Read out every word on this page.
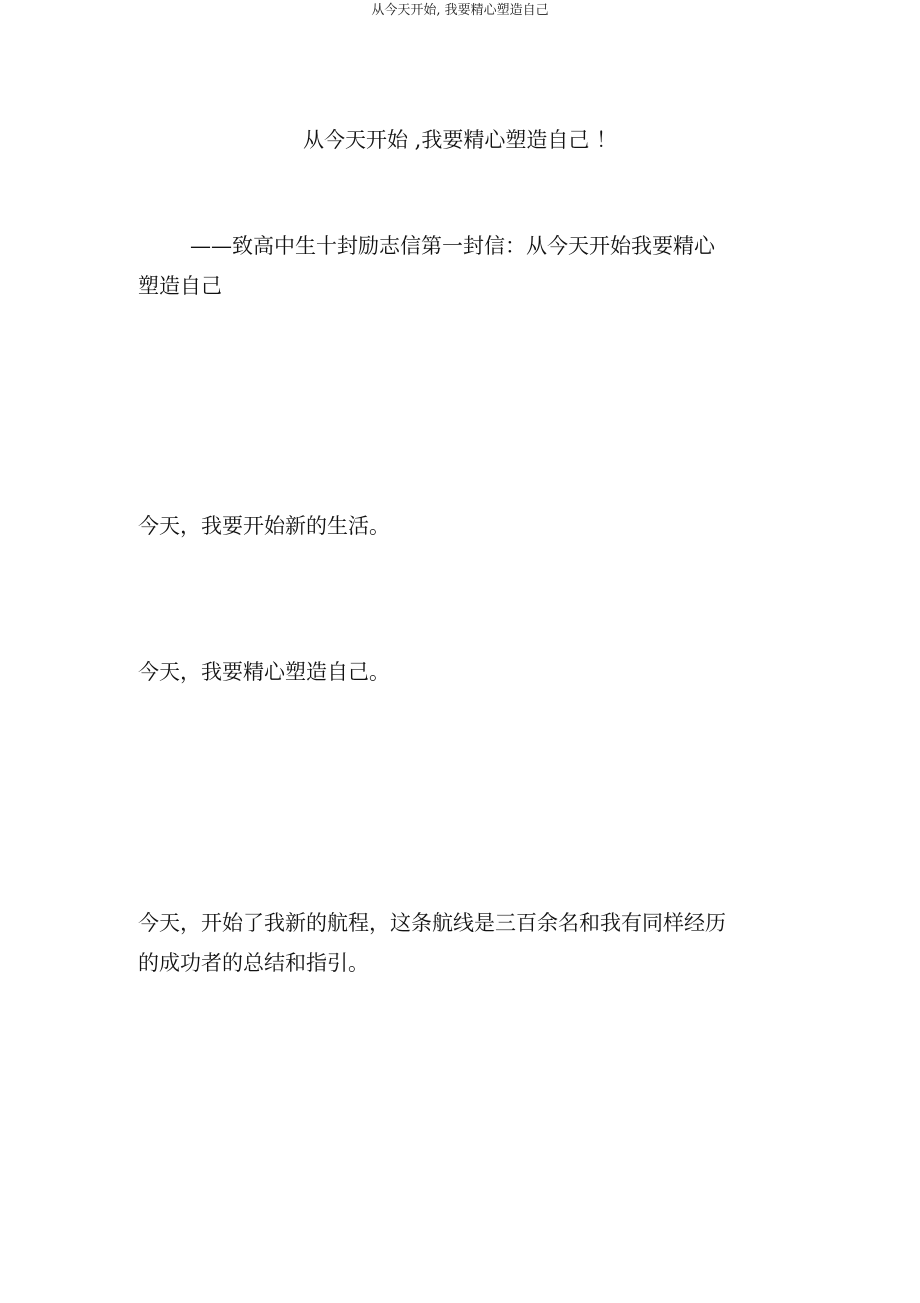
从今天开始, 我要精心塑造自己
从今天开始 ,我要精心塑造自己 ！

——致高中生十封励志信第一封信：从今天开始我要精心塑造自己

今天，我要开始新的生活。

今天，我要精心塑造自己。

今天，开始了我新的航程，这条航线是三百余名和我有同样经历的成功者的总结和指引。
